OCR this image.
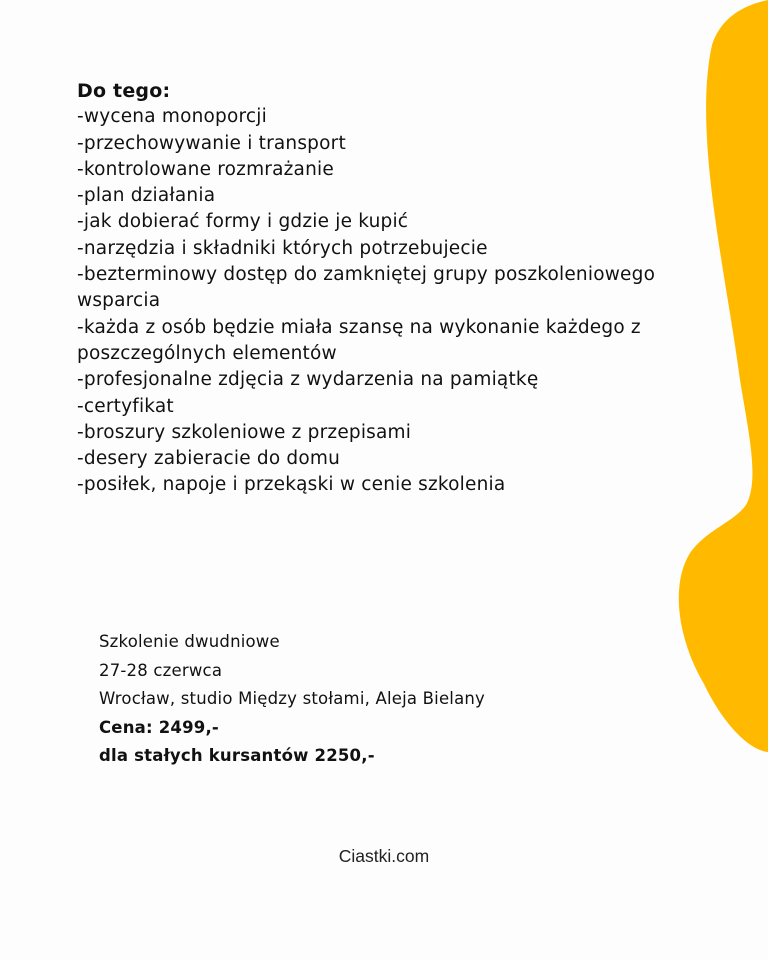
Do tego:
-wycena monoporcji
-przechowywanie i transport
-kontrolowane rozmrażanie
-plan działania
-jak dobierać formy i gdzie je kupić
-narzędzia i składniki których potrzebujecie
-bezterminowy dostęp do zamkniętej grupy poszkoleniowego wsparcia
-każda z osób będzie miała szansę na wykonanie każdego z poszczególnych elementów
-profesjonalne zdjęcia z wydarzenia na pamiątkę
-certyfikat
-broszury szkoleniowe z przepisami
-desery zabieracie do domu
-posiłek, napoje i przekąski w cenie szkolenia
Szkolenie dwudniowe
27-28 czerwca
Wrocław, studio Między stołami, Aleja Bielany
Cena: 2499,-
dla stałych kursantów 2250,-
Ciastki.com
